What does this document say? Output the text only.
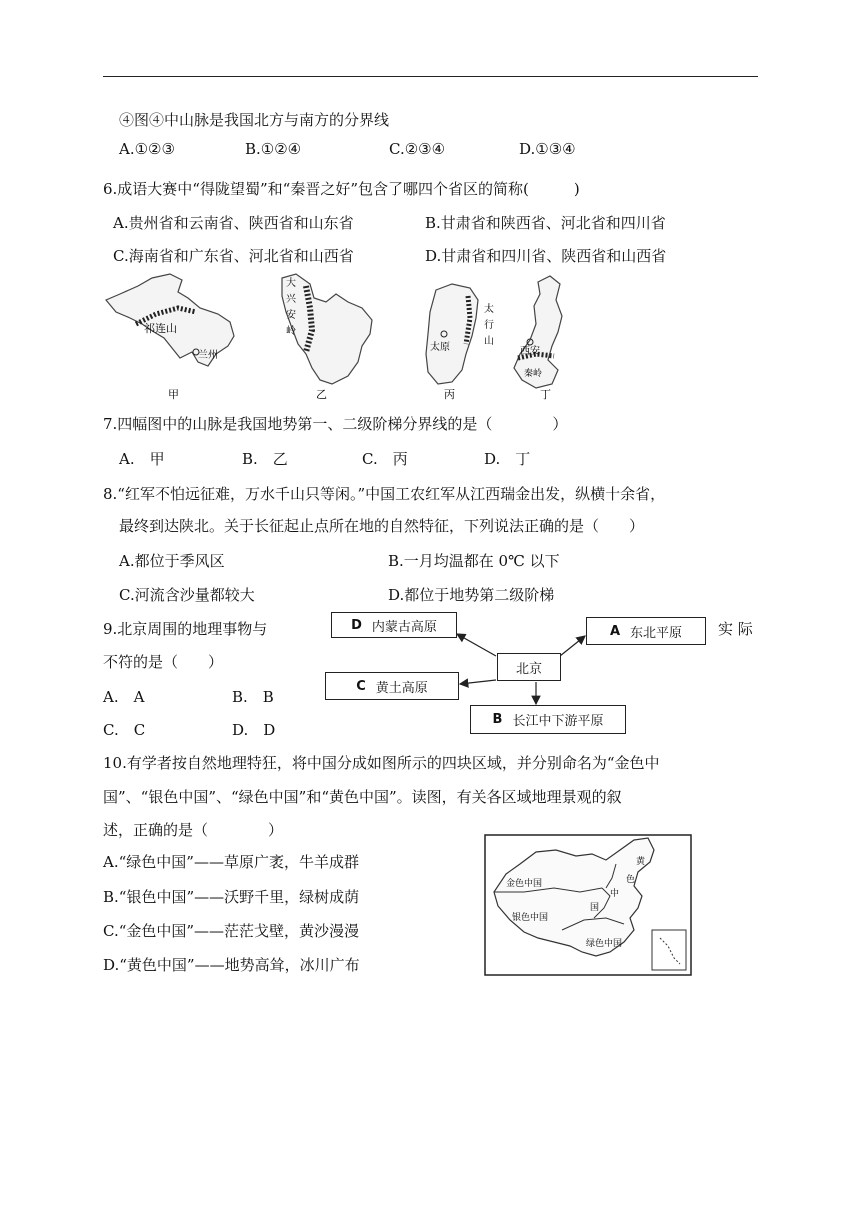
④图④中山脉是我国北方与南方的分界线
A.①②③	B.①②④	C.②③④	D.①③④
6.成语大赛中“得陇望蜀”和“秦晋之好”包含了哪四个省区的简称(　　　)
A.贵州省和云南省、陕西省和山东省	B.甘肃省和陕西省、河北省和四川省
C.海南省和广东省、河北省和山西省	D.甘肃省和四川省、陕西省和山西省
祁连山
兰州
甲
大
兴
安
岭
乙
太
行
山
太原
丙
西安
秦岭
丁
7.四幅图中的山脉是我国地势第一、二级阶梯分界线的是（　　　　）
A.　甲	B.　乙	C.　丙	D.　丁
8.“红军不怕远征难，万水千山只等闲。”中国工农红军从江西瑞金出发，纵横十余省，
最终到达陕北。关于长征起止点所在地的自然特征，下列说法正确的是（　　）
A.都位于季风区	B.一月均温都在 0℃ 以下
C.河流含沙量都较大	D.都位于地势第二级阶梯
9.北京周围的地理事物与	实 际
不符的是（　　）
A.　A	B.　B
C.　C	D.　D
北京
D 内蒙古高原	A 东北平原
C 黄土高原
B 长江中下游平原
10.有学者按自然地理特狂，将中国分成如图所示的四块区域，并分别命名为“金色中
国”、“银色中国”、“绿色中国”和“黄色中国”。读图，有关各区域地理景观的叙
述，正确的是（　　　　）
A.“绿色中国”——草原广袤，牛羊成群
B.“银色中国”——沃野千里，绿树成荫
C.“金色中国”——茫茫戈壁，黄沙漫漫
D.“黄色中国”——地势高耸，冰川广布
金色中国
银色中国
绿色中国
黄
色
中
国
